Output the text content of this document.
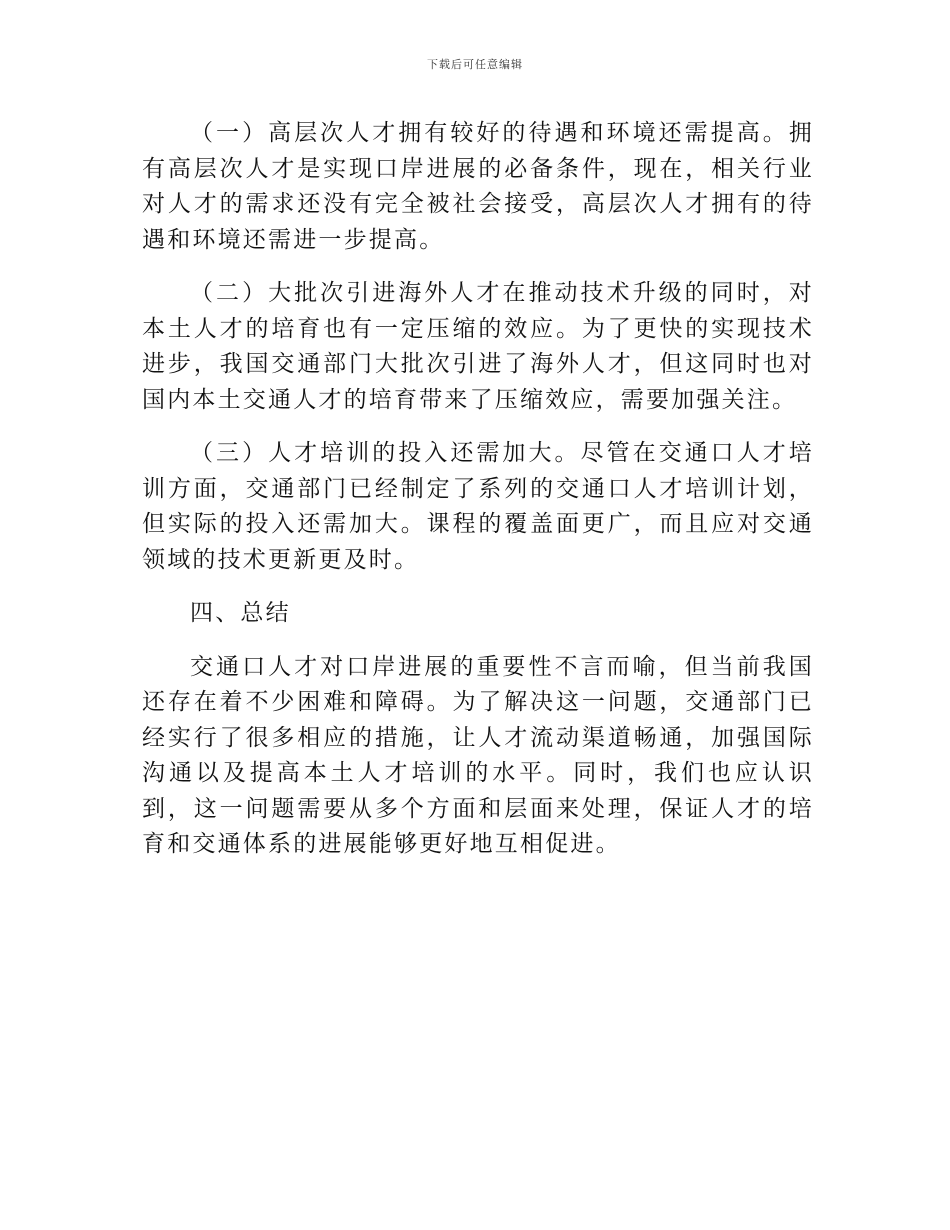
下载后可任意编辑

（一）高层次人才拥有较好的待遇和环境还需提高。拥有高层次人才是实现口岸进展的必备条件，现在，相关行业对人才的需求还没有完全被社会接受，高层次人才拥有的待遇和环境还需进一步提高。

（二）大批次引进海外人才在推动技术升级的同时，对本土人才的培育也有一定压缩的效应。为了更快的实现技术进步，我国交通部门大批次引进了海外人才，但这同时也对国内本土交通人才的培育带来了压缩效应，需要加强关注。

（三）人才培训的投入还需加大。尽管在交通口人才培训方面，交通部门已经制定了系列的交通口人才培训计划，但实际的投入还需加大。课程的覆盖面更广，而且应对交通领域的技术更新更及时。

四、总结

交通口人才对口岸进展的重要性不言而喻，但当前我国还存在着不少困难和障碍。为了解决这一问题，交通部门已经实行了很多相应的措施，让人才流动渠道畅通，加强国际沟通以及提高本土人才培训的水平。同时，我们也应认识到，这一问题需要从多个方面和层面来处理，保证人才的培育和交通体系的进展能够更好地互相促进。
